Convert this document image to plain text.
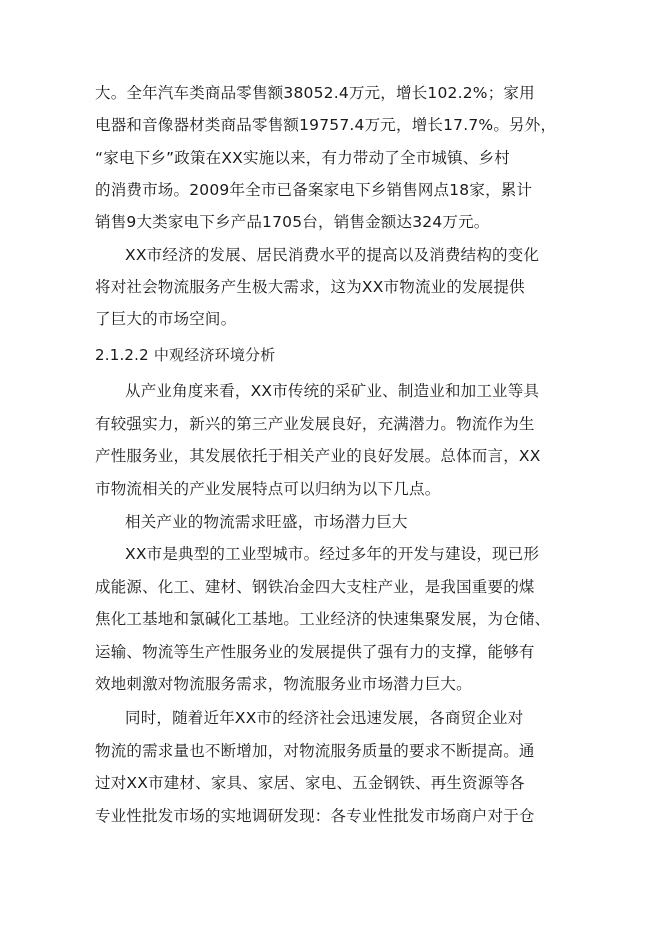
大。全年汽车类商品零售额38052.4万元，增长102.2%；家用
电器和音像器材类商品零售额19757.4万元，增长17.7%。另外，
“家电下乡”政策在XX实施以来，有力带动了全市城镇、乡村
的消费市场。2009年全市已备案家电下乡销售网点18家，累计
销售9大类家电下乡产品1705台，销售金额达324万元。
XX市经济的发展、居民消费水平的提高以及消费结构的变化
将对社会物流服务产生极大需求，这为XX市物流业的发展提供
了巨大的市场空间。
2.1.2.2 中观经济环境分析
从产业角度来看，XX市传统的采矿业、制造业和加工业等具
有较强实力，新兴的第三产业发展良好，充满潜力。物流作为生
产性服务业，其发展依托于相关产业的良好发展。总体而言，XX
市物流相关的产业发展特点可以归纳为以下几点。
相关产业的物流需求旺盛，市场潜力巨大
XX市是典型的工业型城市。经过多年的开发与建设，现已形
成能源、化工、建材、钢铁冶金四大支柱产业，是我国重要的煤
焦化工基地和氯碱化工基地。工业经济的快速集聚发展，为仓储、
运输、物流等生产性服务业的发展提供了强有力的支撑，能够有
效地刺激对物流服务需求，物流服务业市场潜力巨大。
同时，随着近年XX市的经济社会迅速发展，各商贸企业对
物流的需求量也不断增加，对物流服务质量的要求不断提高。通
过对XX市建材、家具、家居、家电、五金钢铁、再生资源等各
专业性批发市场的实地调研发现：各专业性批发市场商户对于仓
